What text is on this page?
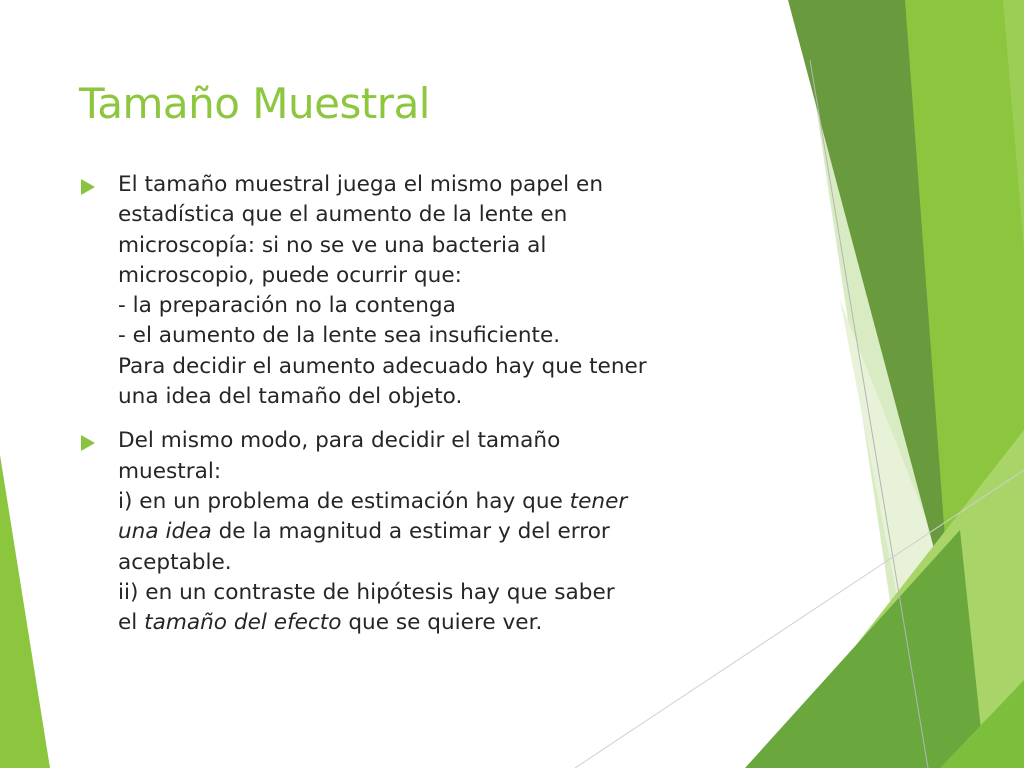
Tamaño Muestral
El tamaño muestral juega el mismo papel en
estadística que el aumento de la lente en
microscopía: si no se ve una bacteria al
microscopio, puede ocurrir que:
- la preparación no la contenga
- el aumento de la lente sea insuficiente.
Para decidir el aumento adecuado hay que tener
una idea del tamaño del objeto.
Del mismo modo, para decidir el tamaño
muestral:
i) en un problema de estimación hay que tener
una idea de la magnitud a estimar y del error
aceptable.
ii) en un contraste de hipótesis hay que saber
el tamaño del efecto que se quiere ver.
